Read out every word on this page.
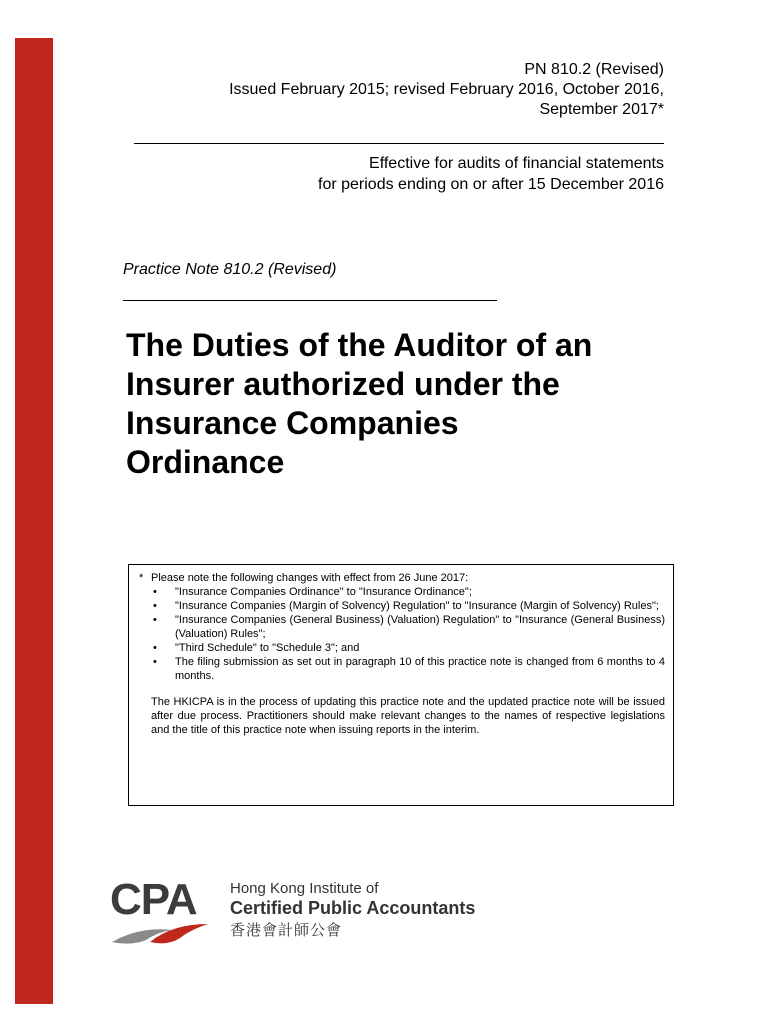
PN 810.2 (Revised)
Issued February 2015; revised February 2016, October 2016,
September 2017*
Effective for audits of financial statements
for periods ending on or after 15 December 2016
Practice Note 810.2 (Revised)
The Duties of the Auditor of an
Insurer authorized under the
Insurance Companies
Ordinance

* Please note the following changes with effect from 26 June 2017:

• "Insurance Companies Ordinance" to "Insurance Ordinance";
• "Insurance Companies (Margin of Solvency) Regulation" to "Insurance (Margin of Solvency) Rules";
• "Insurance Companies (General Business) (Valuation) Regulation" to "Insurance (General Business) (Valuation) Rules";
• "Third Schedule" to "Schedule 3"; and
• The filing submission as set out in paragraph 10 of this practice note is changed from 6 months to 4 months.

The HKICPA is in the process of updating this practice note and the updated practice note will be issued after due process. Practitioners should make relevant changes to the names of respective legislations and the title of this practice note when issuing reports in the interim.

CPA Hong Kong Institute of
Certified Public Accountants
香港會計師公會
